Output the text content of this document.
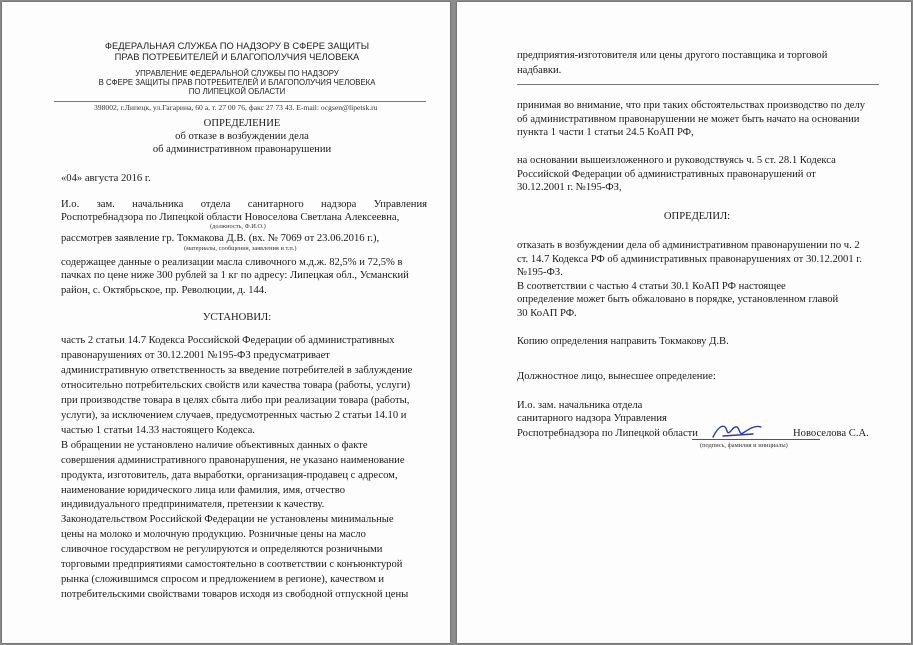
ФЕДЕРАЛЬНАЯ СЛУЖБА ПО НАДЗОРУ В СФЕРЕ ЗАЩИТЫ
ПРАВ ПОТРЕБИТЕЛЕЙ И БЛАГОПОЛУЧИЯ ЧЕЛОВЕКА
УПРАВЛЕНИЕ ФЕДЕРАЛЬНОЙ СЛУЖБЫ ПО НАДЗОРУ
В СФЕРЕ ЗАЩИТЫ ПРАВ ПОТРЕБИТЕЛЕЙ И БЛАГОПОЛУЧИЯ ЧЕЛОВЕКА
ПО ЛИПЕЦКОЙ ОБЛАСТИ
398002, г.Липецк, ул.Гагарина, 60 а, т. 27 00 76, факс 27 73 43. E-mail: ocgsen@lipetsk.ru
ОПРЕДЕЛЕНИЕ
об отказе в возбуждении дела
об административном правонарушении
«04» августа 2016 г.
И.о. зам. начальника отдела санитарного надзора Управления
Роспотребнадзора по Липецкой области Новоселова Светлана Алексеевна,
(должность, Ф.И.О.)
рассмотрев заявление гр. Токмакова Д.В. (вх. № 7069 от 23.06.2016 г.),
(материалы, сообщения, заявления и т.п.)
содержащее данные о реализации масла сливочного м.д.ж. 82,5% и 72,5% в
пачках по цене ниже 300 рублей за 1 кг по адресу: Липецкая обл., Усманский
район, с. Октябрьское, пр. Революции, д. 144.
УСТАНОВИЛ:
часть 2 статьи 14.7 Кодекса Российской Федерации об административных
правонарушениях от 30.12.2001 №195-ФЗ предусматривает
административную ответственность за введение потребителей в заблуждение
относительно потребительских свойств или качества товара (работы, услуги)
при производстве товара в целях сбыта либо при реализации товара (работы,
услуги), за исключением случаев, предусмотренных частью 2 статьи 14.10 и
частью 1 статьи 14.33 настоящего Кодекса.
В обращении не установлено наличие объективных данных о факте
совершения административного правонарушения, не указано наименование
продукта, изготовитель, дата выработки, организация-продавец с адресом,
наименование юридического лица или фамилия, имя, отчество
индивидуального предпринимателя, претензии к качеству.
Законодательством Российской Федерации не установлены минимальные
цены на молоко и молочную продукцию. Розничные цены на масло
сливочное государством не регулируются и определяются розничными
торговыми предприятиями самостоятельно в соответствии с конъюнктурой
рынка (сложившимся спросом и предложением в регионе), качеством и
потребительскими свойствами товаров исходя из свободной отпускной цены
предприятия-изготовителя или цены другого поставщика и торговой
надбавки.
принимая во внимание, что при таких обстоятельствах производство по делу
об административном правонарушении не может быть начато на основании
пункта 1 части 1 статьи 24.5 КоАП РФ,
на основании вышеизложенного и руководствуясь ч. 5 ст. 28.1 Кодекса
Российской Федерации об административных правонарушений от
30.12.2001 г. №195-ФЗ,
ОПРЕДЕЛИЛ:
отказать в возбуждении дела об административном правонарушении по ч. 2
ст. 14.7 Кодекса РФ об административных правонарушениях от 30.12.2001 г.
№195-ФЗ.
В соответствии с частью 4 статьи 30.1 КоАП РФ настоящее
определение может быть обжаловано в порядке, установленном главой
30 КоАП РФ.
Копию определения направить Токмакову Д.В.
Должностное лицо, вынесшее определение:
И.о. зам. начальника отдела
санитарного надзора Управления
Роспотребнадзора по Липецкой области	Новоселова С.А.
(подпись, фамилия и инициалы)
